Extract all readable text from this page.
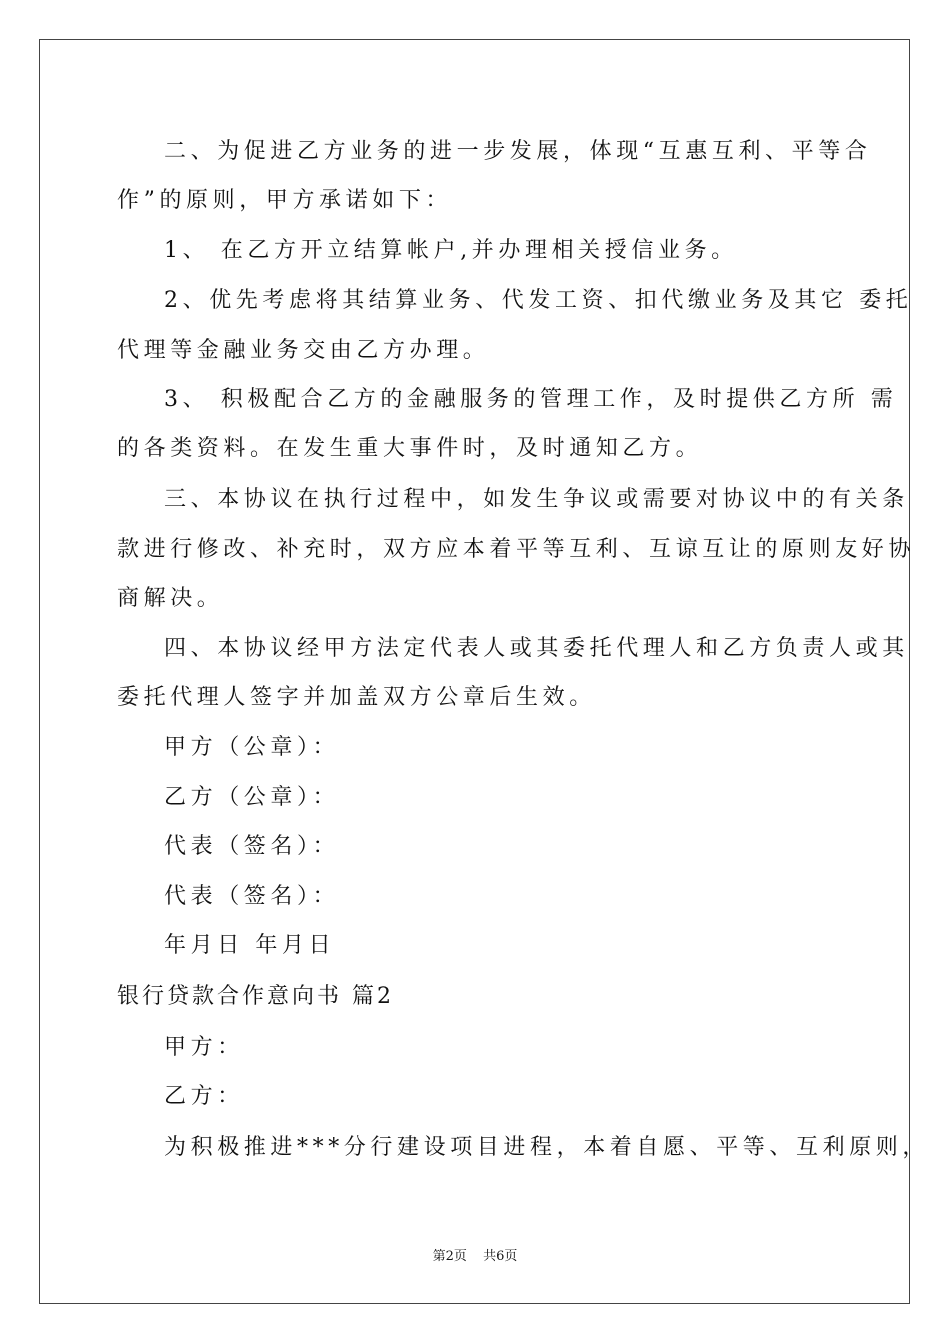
二、为促进乙方业务的进一步发展，体现“互惠互利、平等合
作”的原则，甲方承诺如下：
1、 在乙方开立结算帐户,并办理相关授信业务。
2、优先考虑将其结算业务、代发工资、扣代缴业务及其它 委托
代理等金融业务交由乙方办理。
3、 积极配合乙方的金融服务的管理工作，及时提供乙方所 需
的各类资料。在发生重大事件时，及时通知乙方。
三、本协议在执行过程中，如发生争议或需要对协议中的有关条
款进行修改、补充时，双方应本着平等互利、互谅互让的原则友好协
商解决。
四、本协议经甲方法定代表人或其委托代理人和乙方负责人或其
委托代理人签字并加盖双方公章后生效。
甲方（公章）：
乙方（公章）：
代表（签名）：
代表（签名）：
年月日 年月日
银行贷款合作意向书 篇2
甲方：
乙方：
为积极推进***分行建设项目进程，本着自愿、平等、互利原则，
第2页 共6页
